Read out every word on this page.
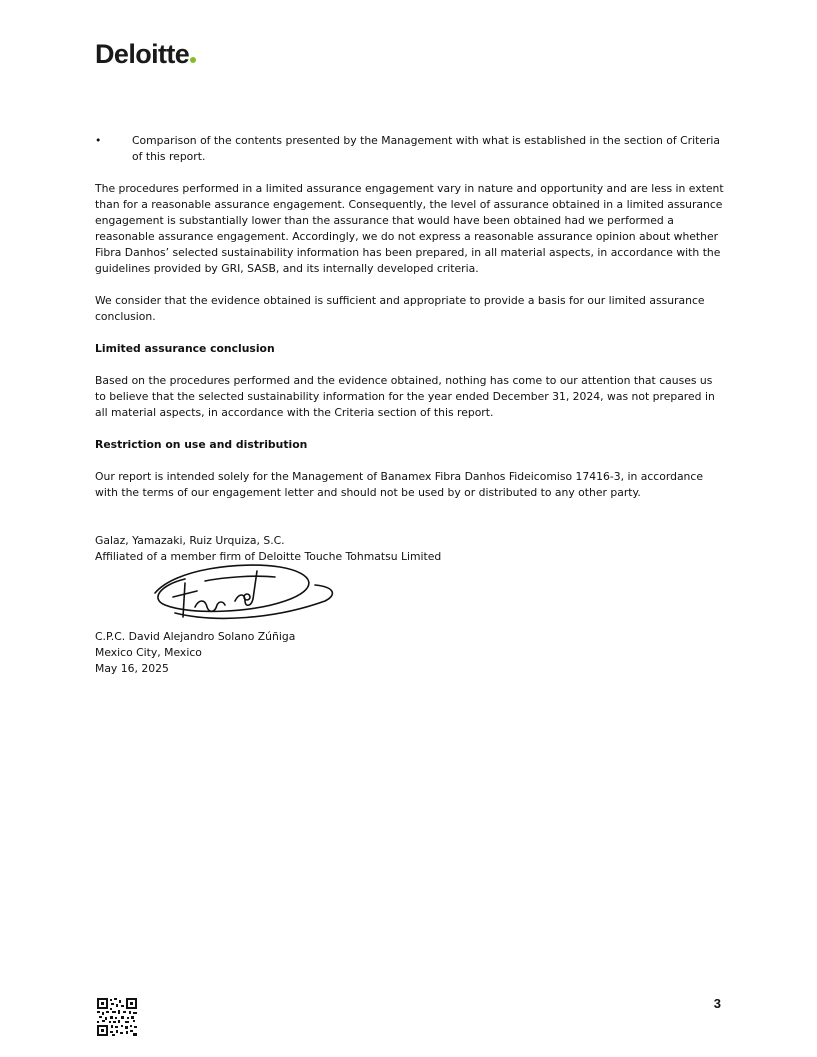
Deloitte
•	Comparison of the contents presented by the Management with what is established in the section of Criteria of this report.

The procedures performed in a limited assurance engagement vary in nature and opportunity and are less in extent than for a reasonable assurance engagement. Consequently, the level of assurance obtained in a limited assurance engagement is substantially lower than the assurance that would have been obtained had we performed a reasonable assurance engagement. Accordingly, we do not express a reasonable assurance opinion about whether Fibra Danhos’ selected sustainability information has been prepared, in all material aspects, in accordance with the guidelines provided by GRI, SASB, and its internally developed criteria.

We consider that the evidence obtained is sufficient and appropriate to provide a basis for our limited assurance conclusion.

Limited assurance conclusion

Based on the procedures performed and the evidence obtained, nothing has come to our attention that causes us to believe that the selected sustainability information for the year ended December 31, 2024, was not prepared in all material aspects, in accordance with the Criteria section of this report.

Restriction on use and distribution

Our report is intended solely for the Management of Banamex Fibra Danhos Fideicomiso 17416-3, in accordance with the terms of our engagement letter and should not be used by or distributed to any other party.

Galaz, Yamazaki, Ruiz Urquiza, S.C.
Affiliated of a member firm of Deloitte Touche Tohmatsu Limited
C.P.C. David Alejandro Solano Zúñiga
Mexico City, Mexico
May 16, 2025
3
